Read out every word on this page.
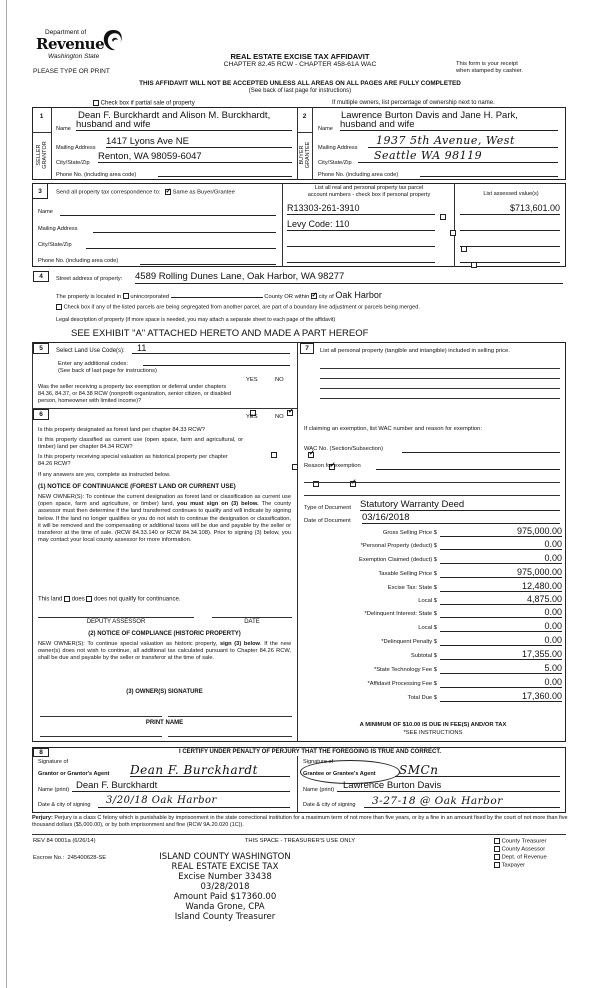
Department of
Revenue
Washington State
PLEASE TYPE OR PRINT
REAL ESTATE EXCISE TAX AFFIDAVIT
CHAPTER 82.45 RCW - CHAPTER 458-61A WAC	This form is your receipt
when stamped by cashier.
THIS AFFIDAVIT WILL NOT BE ACCEPTED UNLESS ALL AREAS ON ALL PAGES ARE FULLY COMPLETED
(See back of last page for instructions)
Check box if partial sale of property	If multiple owners, list percentage of ownership next to name.
1
SELLER
GRANTOR
Dean F. Burckhardt and Alison M. Burckhardt,
Name husband and wife
Mailing Address
1417 Lyons Ave NE
City/State/Zip
Renton, WA 98059-6047
Phone No. (including area code)
2
BUYER
GRANTEE
Lawrence Burton Davis and Jane H. Park,
Name husband and wife
Mailing Address
1937 5th Avenue, West
City/State/Zip
Seattle WA 98119
Phone No. (including area code)
3	Send all property tax correspondence to: ✓ Same as Buyer/Grantee
Name
Mailing Address
City/State/Zip
Phone No. (including area code)
List all real and personal property tax parcel
account numbers - check box if personal property	List assessed value(s)
R13303-261-3910
	$713,601.00
Levy Code: 110

4	Street address of property: 4589 Rolling Dunes Lane, Oak Harbor, WA 98277
The property is located in unincorporated	County OR within ✓ city of Oak Harbor
Check box if any of the listed parcels are being segregated from another parcel, are part of a boundary line adjustment or parcels being merged.
Legal description of property (if more space is needed, you may attach a separate sheet to each page of the affidavit)
SEE EXHIBIT "A" ATTACHED HERETO AND MADE A PART HEREOF
5	Select Land Use Code(s):	11
Enter any additional codes:
(See back of last page for instructions)
YES	NO
Was the seller receiving a property tax exemption or deferral under chapters 84.36, 84.37, or 84.38 RCW (nonprofit organization, senior citizen, or disabled person, homeowner with limited income)?
✓
6	YES	NO
Is this property designated as forest land per chapter 84.33 RCW?
✓
Is this property classified as current use (open space, farm and agricultural, or timber) land per chapter 84.34 RCW?
✓
Is this property receiving special valuation as historical property per chapter 84.26 RCW?
✓
If any answers are yes, complete as instructed below.
(1) NOTICE OF CONTINUANCE (FOREST LAND OR CURRENT USE)
NEW OWNER(S): To continue the current designation as forest land or classification as current use (open space, farm and agriculture, or timber) land, you must sign on (3) below. The county assessor must then determine if the land transferred continues to qualify and will indicate by signing below. If the land no longer qualifies or you do not wish to continue the designation or classification, it will be removed and the compensating or additional taxes will be due and payable by the seller or transferor at the time of sale. (RCW 84.33.140 or RCW 84.34.108). Prior to signing (3) below, you may contact your local county assessor for more information.
This land does does not qualify for continuance.
DEPUTY ASSESSOR	DATE
(2) NOTICE OF COMPLIANCE (HISTORIC PROPERTY)
NEW OWNER(S): To continue special valuation as historic property, sign (3) below. If the new owner(s) does not wish to continue, all additional tax calculated pursuant to Chapter 84.26 RCW, shall be due and payable by the seller or transferor at the time of sale.
(3) OWNER(S) SIGNATURE
PRINT NAME
7	List all personal property (tangible and intangible) included in selling price.
If claiming an exemption, list WAC number and reason for exemption:
WAC No. (Section/Subsection)
Reason for exemption
Type of Document Statutory Warranty Deed
Date of Document 03/16/2018
Gross Selling Price $	975,000.00
*Personal Property (deduct) $	0.00
Exemption Claimed (deduct) $	0.00
Taxable Selling Price $	975,000.00
Excise Tax: State $	12,480.00
Local $	4,875.00
*Delinquent Interest: State $	0.00
Local $	0.00
*Delinquent Penalty $	0.00
Subtotal $	17,355.00
*State Technology Fee $	5.00
*Affidavit Processing Fee $	0.00
Total Due $	17,360.00
A MINIMUM OF $10.00 IS DUE IN FEE(S) AND/OR TAX
*SEE INSTRUCTIONS
8	I CERTIFY UNDER PENALTY OF PERJURY THAT THE FOREGOING IS TRUE AND CORRECT.
Signature of
Grantor or Grantor's Agent Dean F. Burckhardt
Name (print) Dean F. Burckhardt
Date & city of signing	3/20/18 Oak Harbor
Signature of
Grantee or Grantee's Agent	SMCn
Name (print) Lawrence Burton Davis
Date & city of signing	3-27-18 @ Oak Harbor
Perjury: Perjury is a class C felony which is punishable by imprisonment in the state correctional institution for a maximum term of not more than five years, or by a fine in an amount fixed by the court of not more than five thousand dollars ($5,000.00), or by both imprisonment and fine (RCW 9A.20.020 (1C)).
REV 84 0001a (6/26/14)	THIS SPACE - TREASURER'S USE ONLY
Escrow No.: 245400628-SE
County Treasurer
County Assessor
Dept. of Revenue
Taxpayer
ISLAND COUNTY WASHINGTON
REAL ESTATE EXCISE TAX
Excise Number 33438
03/28/2018
Amount Paid $17360.00
Wanda Grone, CPA
Island County Treasurer
